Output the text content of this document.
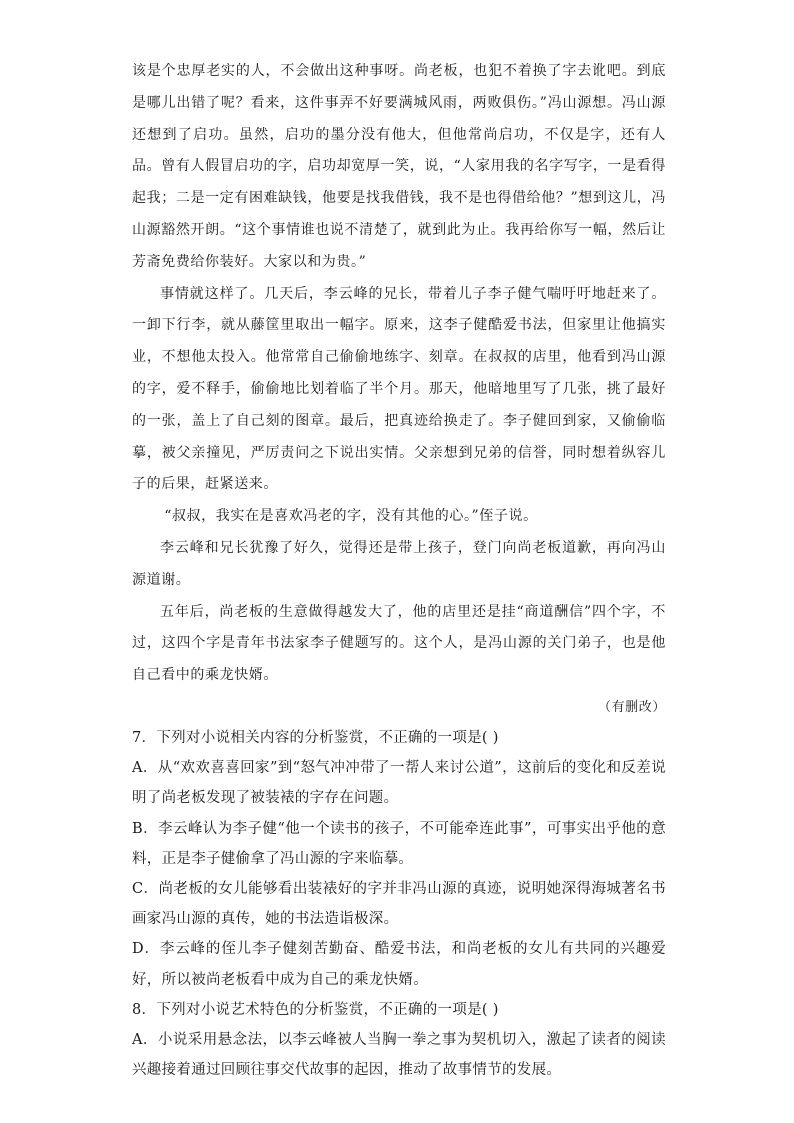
该是个忠厚老实的人，不会做出这种事呀。尚老板，也犯不着换了字去讹吧。到底是哪儿出错了呢？看来，这件事弄不好要满城风雨，两败俱伤。”冯山源想。冯山源还想到了启功。虽然，启功的墨分没有他大，但他常尚启功，不仅是字，还有人品。曾有人假冒启功的字，启功却宽厚一笑，说，“人家用我的名字写字，一是看得起我；二是一定有困难缺钱，他要是找我借钱，我不是也得借给他？”想到这儿，冯山源豁然开朗。“这个事情谁也说不清楚了，就到此为止。我再给你写一幅，然后让芳斋免费给你装好。大家以和为贵。”

事情就这样了。几天后，李云峰的兄长，带着儿子李子健气喘吁吁地赶来了。一卸下行李，就从藤筐里取出一幅字。原来，这李子健酷爱书法，但家里让他搞实业，不想他太投入。他常常自己偷偷地练字、刻章。在叔叔的店里，他看到冯山源的字，爱不释手，偷偷地比划着临了半个月。那天，他暗地里写了几张，挑了最好的一张，盖上了自己刻的图章。最后，把真迹给换走了。李子健回到家，又偷偷临摹，被父亲撞见，严厉责问之下说出实情。父亲想到兄弟的信誉，同时想着纵容儿子的后果，赶紧送来。

“叔叔，我实在是喜欢冯老的字，没有其他的心。”侄子说。

李云峰和兄长犹豫了好久，觉得还是带上孩子，登门向尚老板道歉，再向冯山源道谢。

五年后，尚老板的生意做得越发大了，他的店里还是挂“商道酬信”四个字，不过，这四个字是青年书法家李子健题写的。这个人，是冯山源的关门弟子，也是他自己看中的乘龙快婿。

（有删改）

7．下列对小说相关内容的分析鉴赏，不正确的一项是( )

A．从“欢欢喜喜回家”到“怒气冲冲带了一帮人来讨公道”，这前后的变化和反差说明了尚老板发现了被装裱的字存在问题。

B．李云峰认为李子健“他一个读书的孩子，不可能牵连此事”，可事实出乎他的意料，正是李子健偷拿了冯山源的字来临摹。

C．尚老板的女儿能够看出装裱好的字并非冯山源的真迹，说明她深得海城著名书画家冯山源的真传，她的书法造诣极深。

D．李云峰的侄儿李子健刻苦勤奋、酷爱书法，和尚老板的女儿有共同的兴趣爱好，所以被尚老板看中成为自己的乘龙快婿。

8．下列对小说艺术特色的分析鉴赏，不正确的一项是( )

A．小说采用悬念法，以李云峰被人当胸一拳之事为契机切入，激起了读者的阅读兴趣接着通过回顾往事交代故事的起因，推动了故事情节的发展。
